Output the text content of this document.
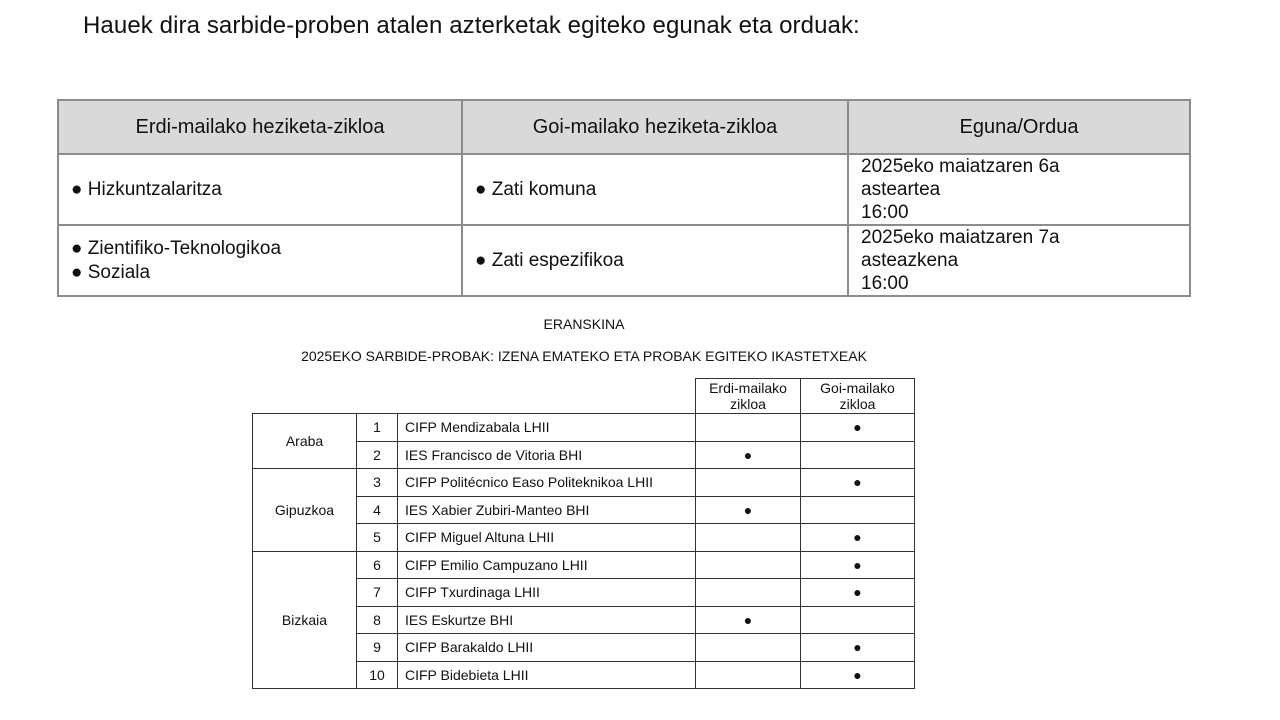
Hauek dira sarbide-proben atalen azterketak egiteko egunak eta orduak:
Erdi-mailako heziketa-zikloa	Goi-mailako heziketa-zikloa	Eguna/Ordua

● Hizkuntzalaritza	● Zati komuna	2025eko maiatzaren 6a
asteartea
16:00

● Zientifiko-Teknologikoa
● Soziala	● Zati espezifikoa	2025eko maiatzaren 7a
asteazkena
16:00

ERANSKINA

2025EKO SARBIDE-PROBAK: IZENA EMATEKO ETA PROBAK EGITEKO IKASTETXEAK

			Erdi-mailako zikloa	Goi-mailako zikloa
Araba	1	CIFP Mendizabala LHII		●
	2	IES Francisco de Vitoria BHI	●	
Gipuzkoa	3	CIFP Politécnico Easo Politeknikoa LHII		●
	4	IES Xabier Zubiri-Manteo BHI	●	
	5	CIFP Miguel Altuna LHII		●
Bizkaia	6	CIFP Emilio Campuzano LHII		●
	7	CIFP Txurdinaga LHII		●
	8	IES Eskurtze BHI	●	
	9	CIFP Barakaldo LHII		●
	10	CIFP Bidebieta LHII		●
